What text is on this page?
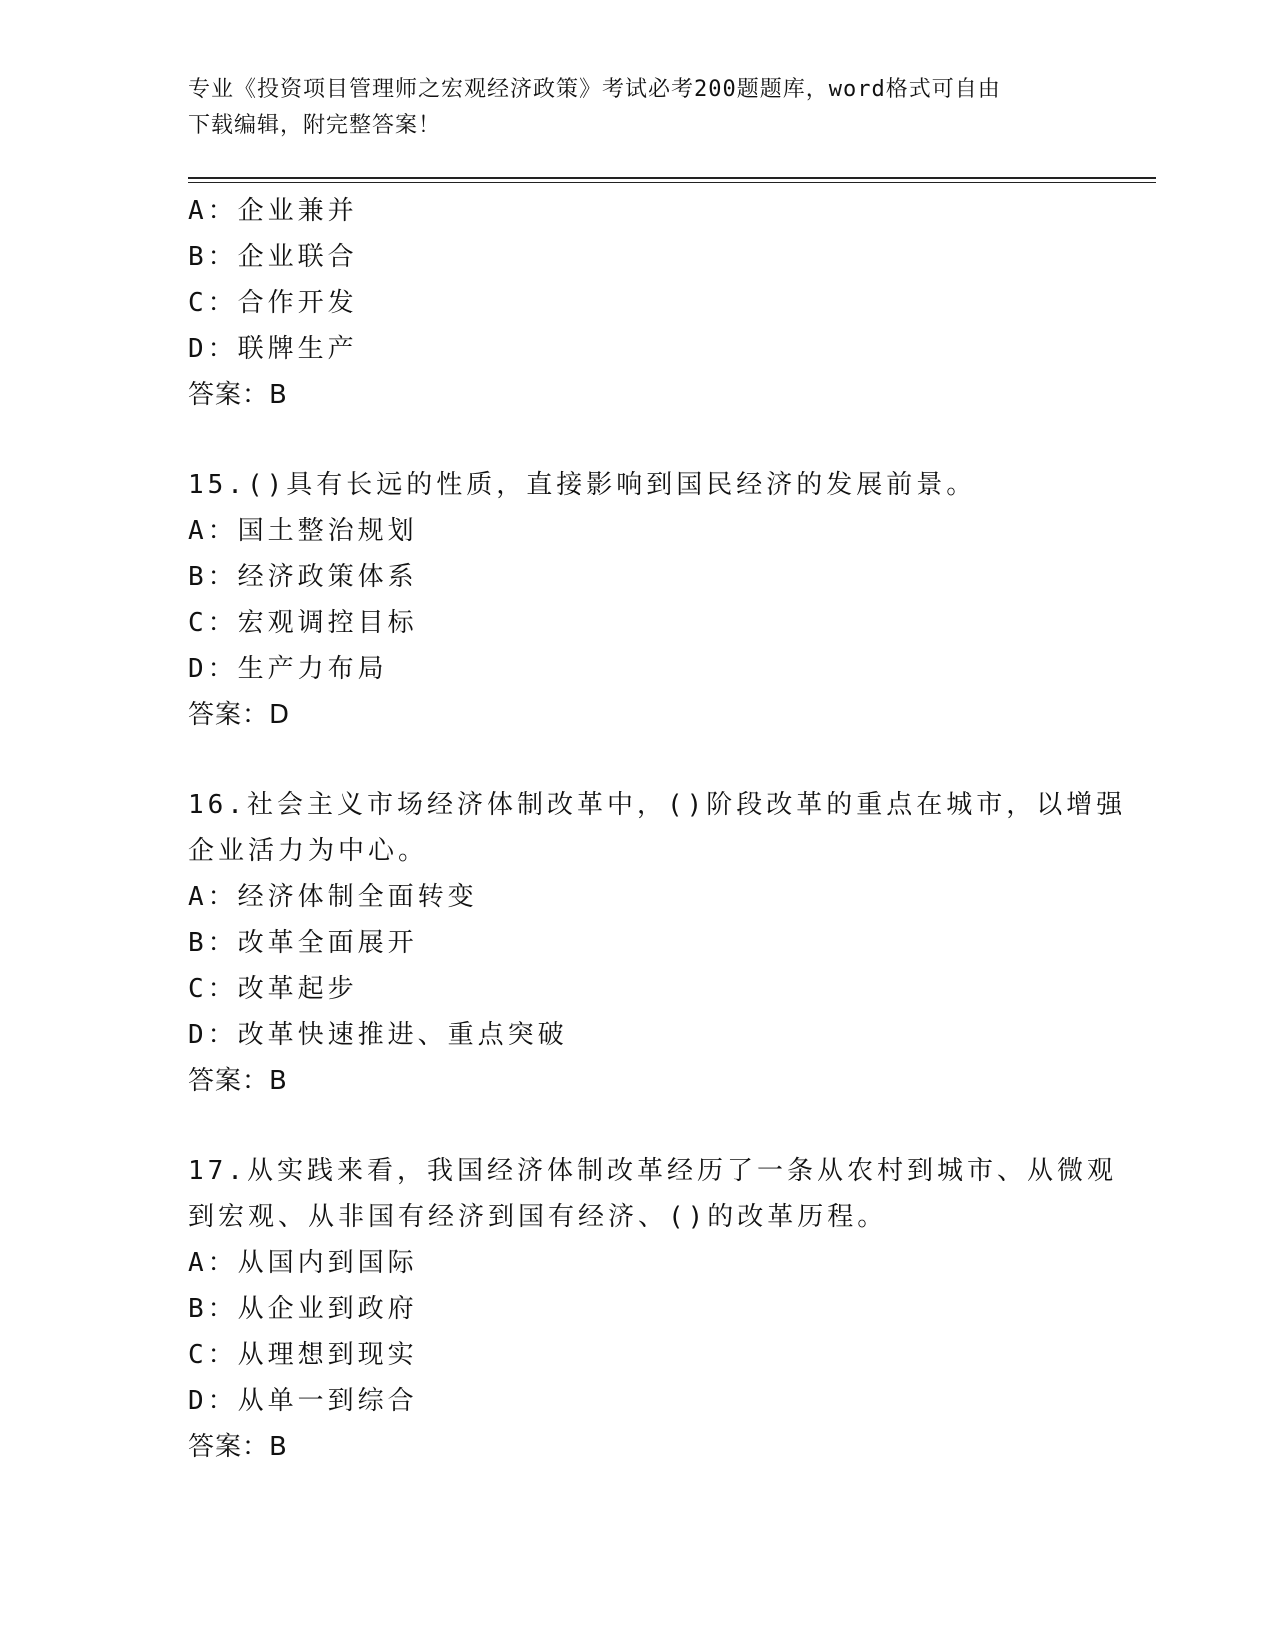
专业《投资项目管理师之宏观经济政策》考试必考200题题库，word格式可自由
下载编辑，附完整答案！
A：企业兼并
B：企业联合
C：合作开发
D：联牌生产
答案：B
15.()具有长远的性质，直接影响到国民经济的发展前景。
A：国土整治规划
B：经济政策体系
C：宏观调控目标
D：生产力布局
答案：D
16.社会主义市场经济体制改革中，()阶段改革的重点在城市，以增强
企业活力为中心。
A：经济体制全面转变
B：改革全面展开
C：改革起步
D：改革快速推进、重点突破
答案：B
17.从实践来看，我国经济体制改革经历了一条从农村到城市、从微观
到宏观、从非国有经济到国有经济、()的改革历程。
A：从国内到国际
B：从企业到政府
C：从理想到现实
D：从单一到综合
答案：B
